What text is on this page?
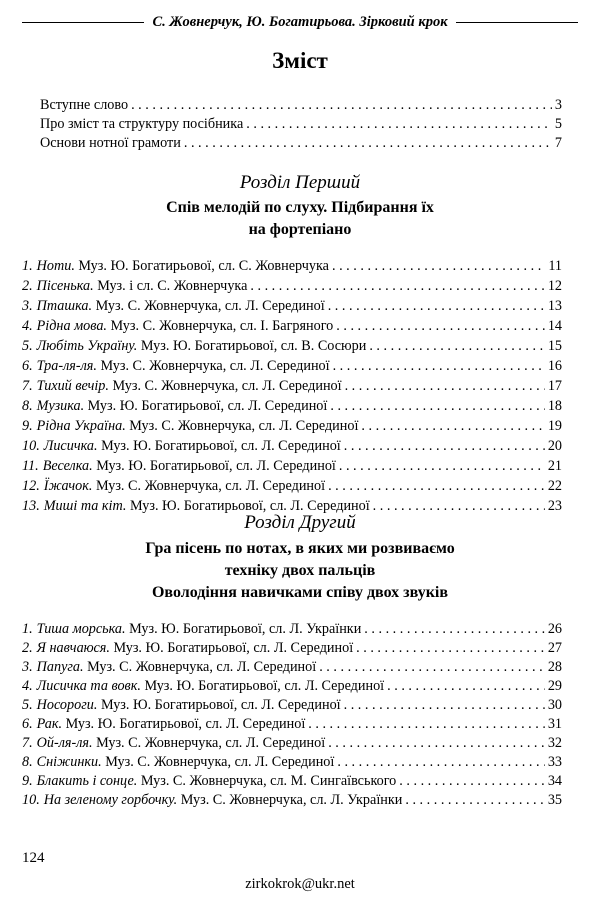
С. Жовнерчук, Ю. Богатирьова. Зірковий крок
Зміст
Вступне слово . . .	3
Про зміст та структуру посібника . . .	5
Основи нотної грамоти . . .	7
Розділ Перший
Спів мелодій по слуху. Підбирання їх
на фортепіано
1. Ноти. Муз. Ю. Богатирьової, сл. С. Жовнерчука . . .	11
2. Пісенька. Муз. і сл. С. Жовнерчука . . .	12
3. Пташка. Муз. С. Жовнерчука, сл. Л. Серединої . . .	13
4. Рідна мова. Муз. С. Жовнерчука, сл. І. Багряного . . .	14
5. Любіть Україну. Муз. Ю. Богатирьової, сл. В. Сосюри . . .	15
6. Тра-ля-ля. Муз. С. Жовнерчука, сл. Л. Серединої . . .	16
7. Тихий вечір. Муз. С. Жовнерчука, сл. Л. Серединої . . .	17
8. Музика. Муз. Ю. Богатирьової, сл. Л. Серединої . . .	18
9. Рідна Україна. Муз. С. Жовнерчука, сл. Л. Серединої . . .	19
10. Лисичка. Муз. Ю. Богатирьової, сл. Л. Серединої . . .	20
11. Веселка. Муз. Ю. Богатирьової, сл. Л. Серединої . . .	21
12. Їжачок. Муз. С. Жовнерчука, сл. Л. Серединої . . .	22
13. Миші та кіт. Муз. Ю. Богатирьової, сл. Л. Серединої . . .	23
Розділ Другий
Гра пісень по нотах, в яких ми розвиваємо
техніку двох пальців
Оволодіння навичками співу двох звуків
1. Тиша морська. Муз. Ю. Богатирьової, сл. Л. Українки . . .	26
2. Я навчаюся. Муз. Ю. Богатирьової, сл. Л. Серединої . . .	27
3. Папуга. Муз. С. Жовнерчука, сл. Л. Серединої . . .	28
4. Лисичка та вовк. Муз. Ю. Богатирьової, сл. Л. Серединої . . .	29
5. Носороги. Муз. Ю. Богатирьової, сл. Л. Серединої . . .	30
6. Рак. Муз. Ю. Богатирьової, сл. Л. Серединої . . .	31
7. Ой-ля-ля. Муз. С. Жовнерчука, сл. Л. Серединої . . .	32
8. Сніжинки. Муз. С. Жовнерчука, сл. Л. Серединої . . .	33
9. Блакить і сонце. Муз. С. Жовнерчука, сл. М. Сингаївського . . .	34
10. На зеленому горбочку. Муз. С. Жовнерчука, сл. Л. Українки . . .	35
124
zirkokrok@ukr.net
